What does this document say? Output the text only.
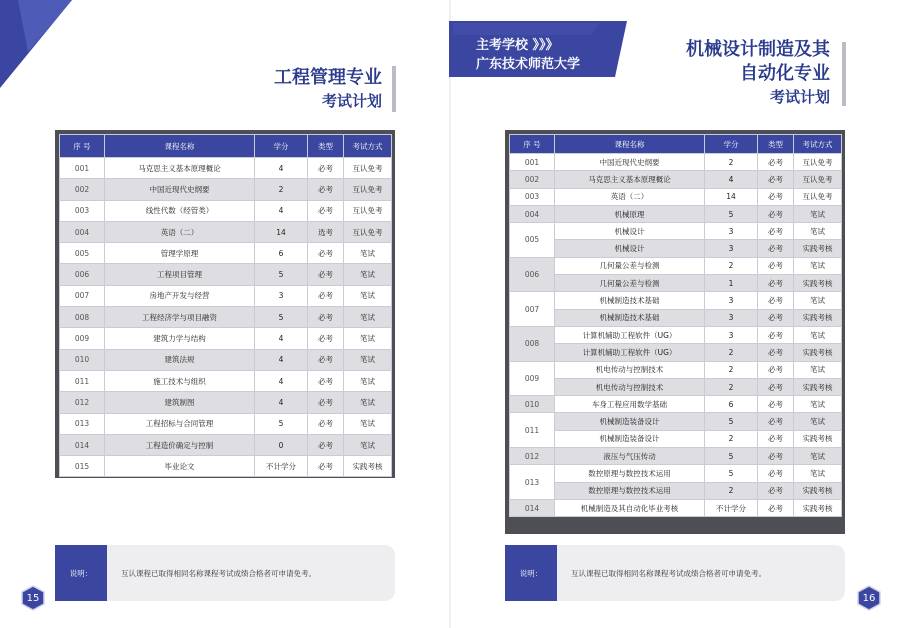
工程管理专业
考试计划
序 号	课程名称	学分	类型	考试方式
001	马克思主义基本原理概论	4	必考	互认免考
002	中国近现代史纲要	2	必考	互认免考
003	线性代数（经管类）	4	必考	互认免考
004	英语（二）	14	选考	互认免考
005	管理学原理	6	必考	笔试
006	工程项目管理	5	必考	笔试
007	房地产开发与经营	3	必考	笔试
008	工程经济学与项目融资	5	必考	笔试
009	建筑力学与结构	4	必考	笔试
010	建筑法规	4	必考	笔试
011	施工技术与组织	4	必考	笔试
012	建筑制图	4	必考	笔试
013	工程招标与合同管理	5	必考	笔试
014	工程造价确定与控制	0	必考	笔试
015	毕业论文	不计学分	必考	实践考核
说明：	互认课程已取得相同名称课程考试成绩合格者可申请免考。
15
主考学校 》》》
广东技术师范大学
机械设计制造及其
自动化专业
考试计划
序 号	课程名称	学分	类型	考试方式
001	中国近现代史纲要	2	必考	互认免考
002	马克思主义基本原理概论	4	必考	互认免考
003	英语（二）	14	必考	互认免考
004	机械原理	5	必考	笔试
005	机械设计	3	必考	笔试
	机械设计	3	必考	实践考核
006	几何量公差与检测	2	必考	笔试
	几何量公差与检测	1	必考	实践考核
007	机械制造技术基础	3	必考	笔试
	机械制造技术基础	3	必考	实践考核
008	计算机辅助工程软件（UG）	3	必考	笔试
	计算机辅助工程软件（UG）	2	必考	实践考核
009	机电传动与控制技术	2	必考	笔试
	机电传动与控制技术	2	必考	实践考核
010	车身工程应用数学基础	6	必考	笔试
011	机械制造装备设计	5	必考	笔试
	机械制造装备设计	2	必考	实践考核
012	液压与气压传动	5	必考	笔试
013	数控原理与数控技术运用	5	必考	笔试
	数控原理与数控技术运用	2	必考	实践考核
014	机械制造及其自动化毕业考核	不计学分	必考	实践考核
说明：	互认课程已取得相同名称课程考试成绩合格者可申请免考。
16
